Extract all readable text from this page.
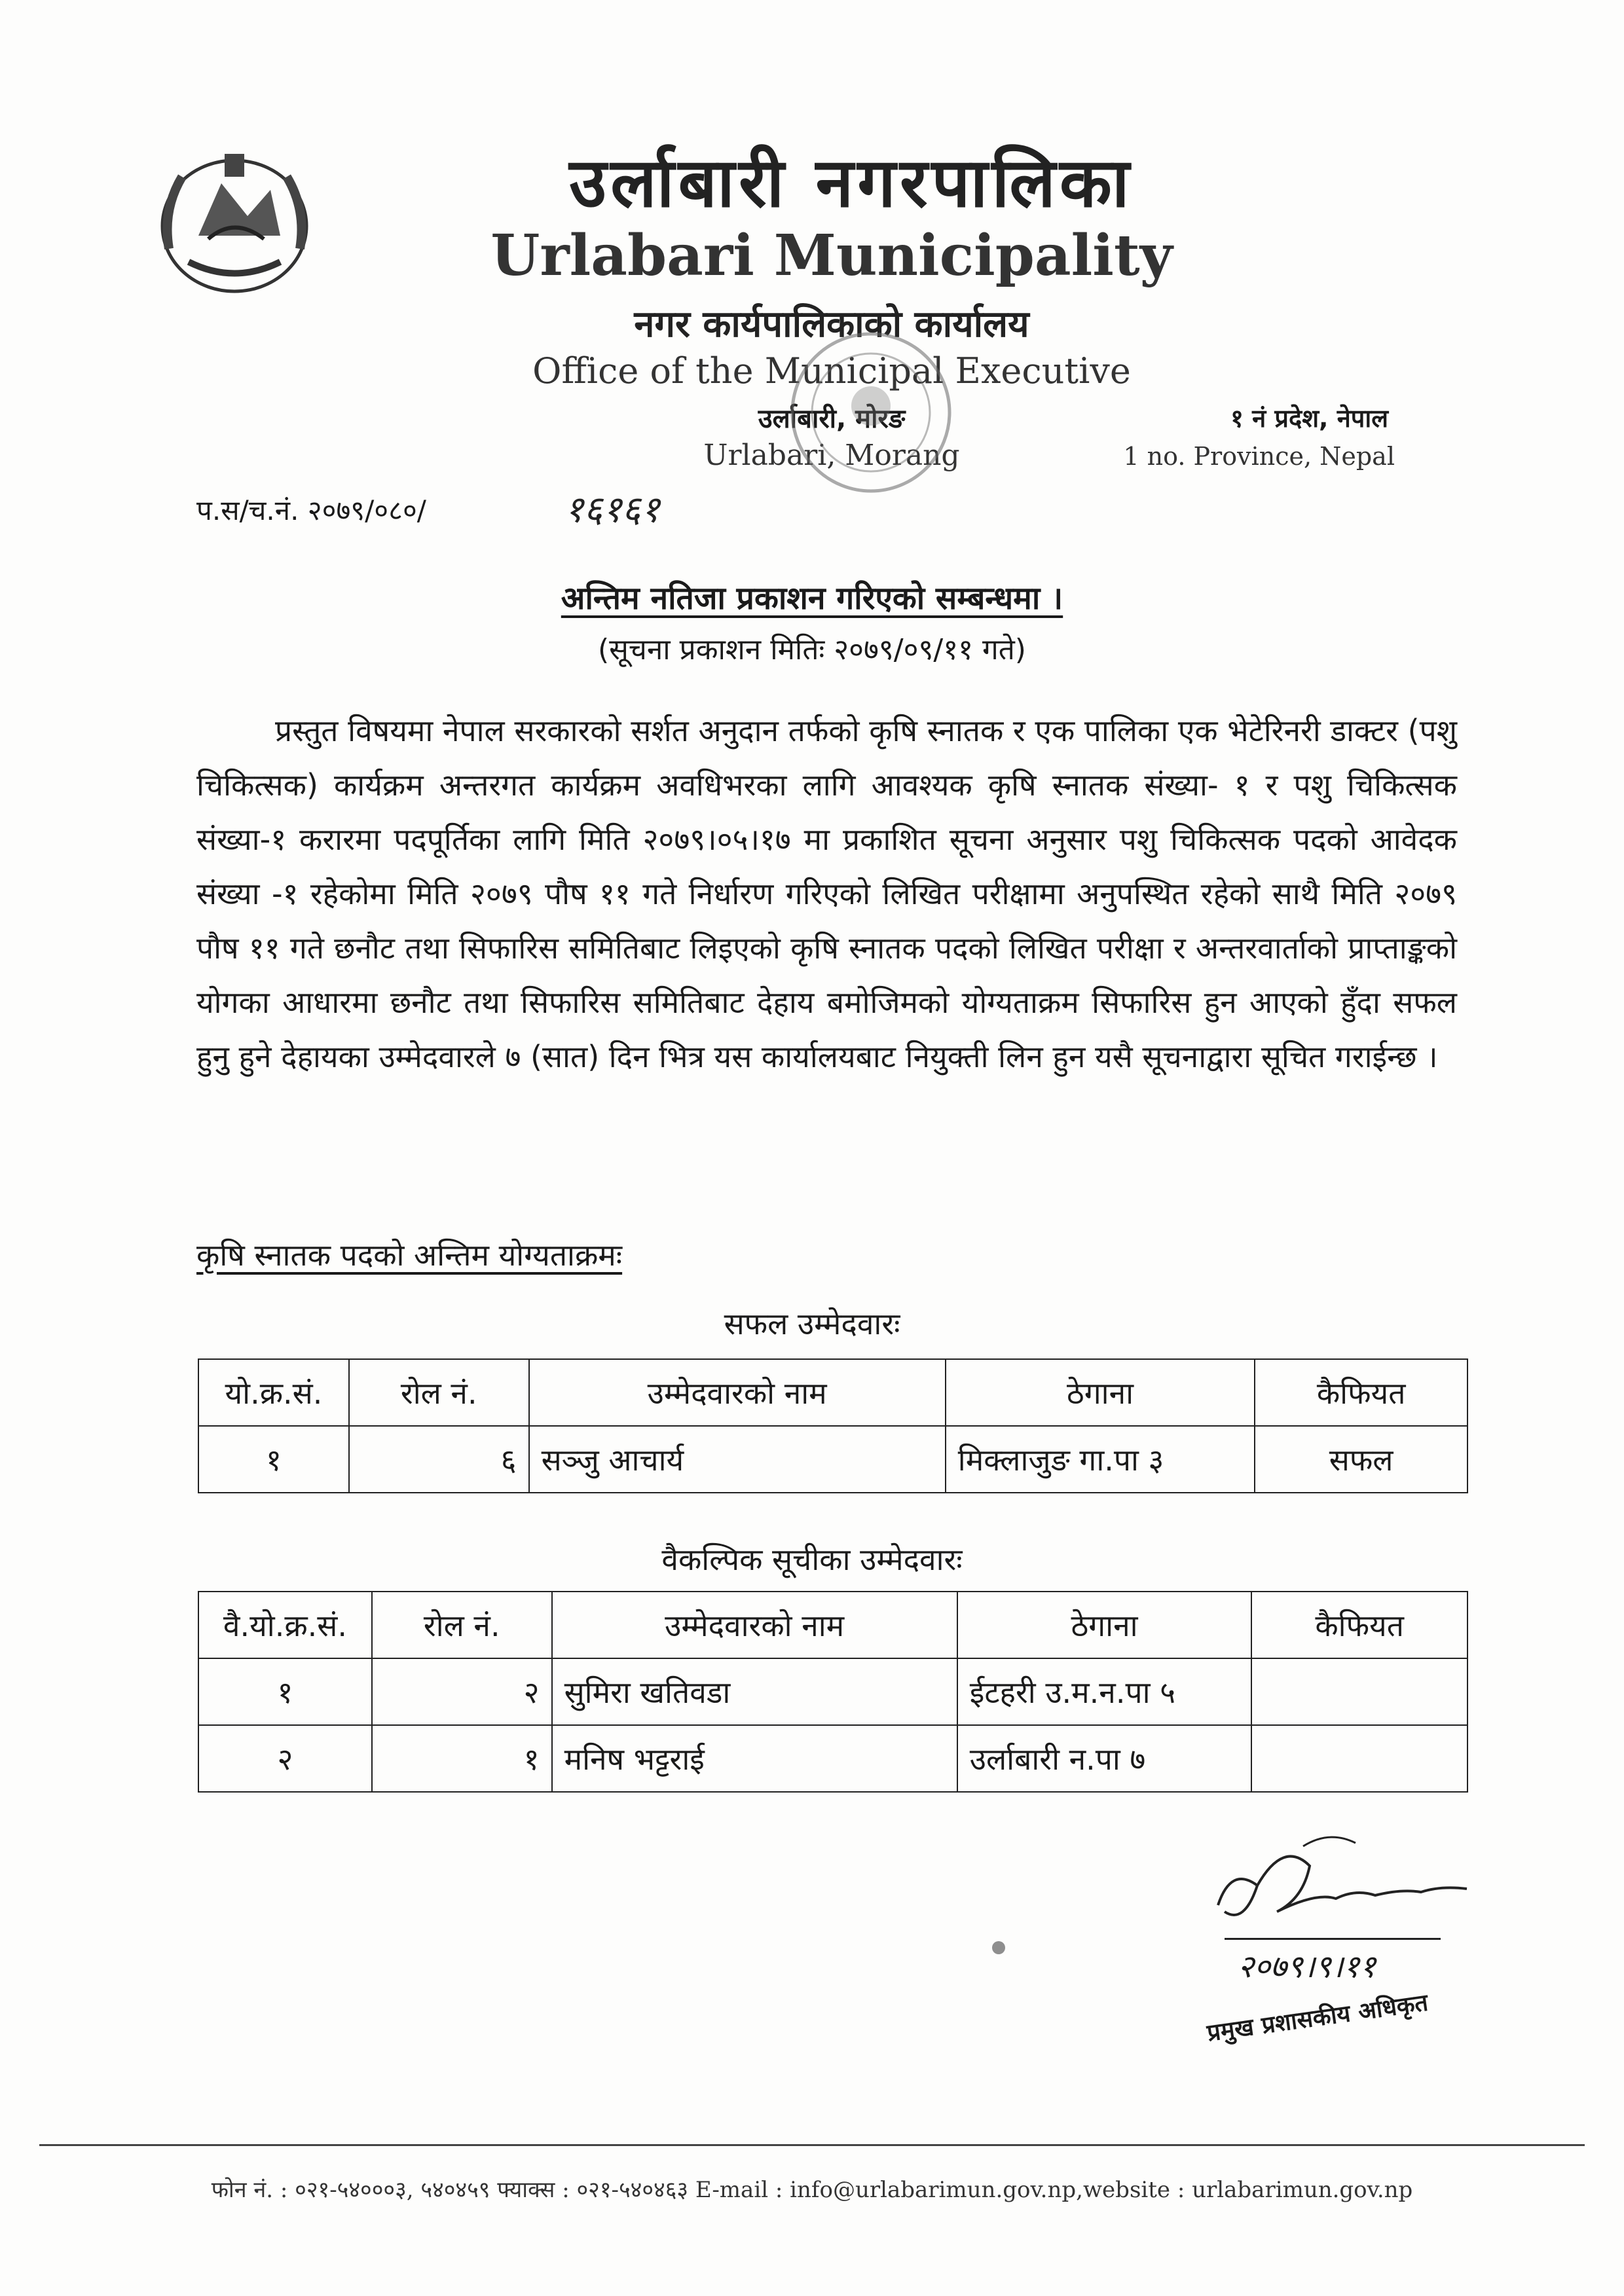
उर्लाबारी नगरपालिका
Urlabari Municipality
नगर कार्यपालिकाको कार्यालय
Office of the Municipal Executive
उर्लाबारी, मोरङ
Urlabari, Morang
१ नं प्रदेश, नेपाल
1 no. Province, Nepal
प.स/च.नं. २०७९/०८०/	१६१६१
अन्तिम नतिजा प्रकाशन गरिएको सम्बन्धमा ।
(सूचना प्रकाशन मितिः २०७९/०९/११ गते)
प्रस्तुत विषयमा नेपाल सरकारको सर्शत अनुदान तर्फको कृषि स्नातक र एक पालिका एक भेटेरिनरी डाक्टर (पशु चिकित्सक) कार्यक्रम अन्तरगत कार्यक्रम अवधिभरका लागि आवश्यक कृषि स्नातक संख्या- १ र पशु चिकित्सक संख्या-१ करारमा पदपूर्तिका लागि मिति २०७९।०५।१७ मा प्रकाशित सूचना अनुसार पशु चिकित्सक पदको आवेदक संख्या -१ रहेकोमा मिति २०७९ पौष ११ गते निर्धारण गरिएको लिखित परीक्षामा अनुपस्थित रहेको साथै मिति २०७९ पौष ११ गते छनौट तथा सिफारिस समितिबाट लिइएको कृषि स्नातक पदको लिखित परीक्षा र अन्तरवार्ताको प्राप्ताङ्कको योगका आधारमा छनौट तथा सिफारिस समितिबाट देहाय बमोजिमको योग्यताक्रम सिफारिस हुन आएको हुँदा सफल हुनु हुने देहायका उम्मेदवारले ७ (सात) दिन भित्र यस कार्यालयबाट नियुक्ती लिन हुन यसै सूचनाद्वारा सूचित गराईन्छ ।
कृषि स्नातक पदको अन्तिम योग्यताक्रमः
सफल उम्मेदवारः
यो.क्र.सं.	रोल नं.	उम्मेदवारको नाम	ठेगाना	कैफियत
१	६	सञ्जु आचार्य	मिक्लाजुङ गा.पा ३	सफल
वैकल्पिक सूचीका उम्मेदवारः
वै.यो.क्र.सं.	रोल नं.	उम्मेदवारको नाम	ठेगाना	कैफियत
१	२	सुमिरा खतिवडा	ईटहरी उ.म.न.पा ५	
२	१	मनिष भट्टराई	उर्लाबारी न.पा ७	
२०७९।९।११
प्रमुख प्रशासकीय अधिकृत
फोन नं. : ०२१-५४०००३, ५४०४५९ फ्याक्स : ०२१-५४०४६३ E-mail : info@urlabarimun.gov.np,website : urlabarimun.gov.np
